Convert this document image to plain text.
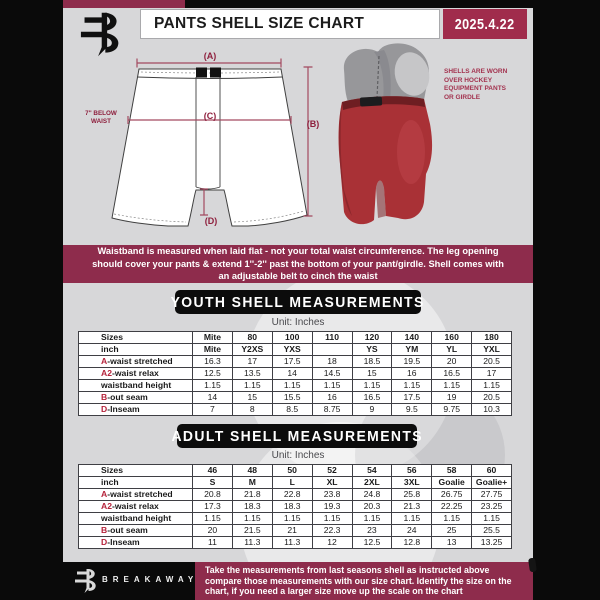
PANTS SHELL SIZE CHART	2025.4.22
(A)
(B)
(C)
(D)
7'' BELOW WAIST
SHELLS ARE WORN OVER HOCKEY EQUIPMENT PANTS OR GIRDLE
Waistband is measured when laid flat - not your total waist circumference. The leg opening should cover your pants & extend 1''-2'' past the bottom of your pant/girdle. Shell comes with an adjustable belt to cinch the waist
YOUTH SHELL MEASUREMENTS
Unit: Inches
Sizes	Mite	80	100	110	120	140	160	180
inch	Mite	Y2XS	YXS		YS	YM	YL	YXL
A-waist stretched	16.3	17	17.5	18	18.5	19.5	20	20.5
A2-waist relax	12.5	13.5	14	14.5	15	16	16.5	17
waistband height	1.15	1.15	1.15	1.15	1.15	1.15	1.15	1.15
B-out seam	14	15	15.5	16	16.5	17.5	19	20.5
D-Inseam	7	8	8.5	8.75	9	9.5	9.75	10.3
ADULT SHELL MEASUREMENTS
Unit: Inches
Sizes	46	48	50	52	54	56	58	60
inch	S	M	L	XL	2XL	3XL	Goalie	Goalie+
A-waist stretched	20.8	21.8	22.8	23.8	24.8	25.8	26.75	27.75
A2-waist relax	17.3	18.3	18.3	19.3	20.3	21.3	22.25	23.25
waistband height	1.15	1.15	1.15	1.15	1.15	1.15	1.15	1.15
B-out seam	20	21.5	21	22.3	23	24	25	25.5
D-Inseam	11	11.3	11.3	12	12.5	12.8	13	13.25
BREAKAWAY
Take the measurements from last seasons shell as instructed above compare those measurements with our size chart. Identify the size on the chart, if you need a larger size move up the scale on the chart
